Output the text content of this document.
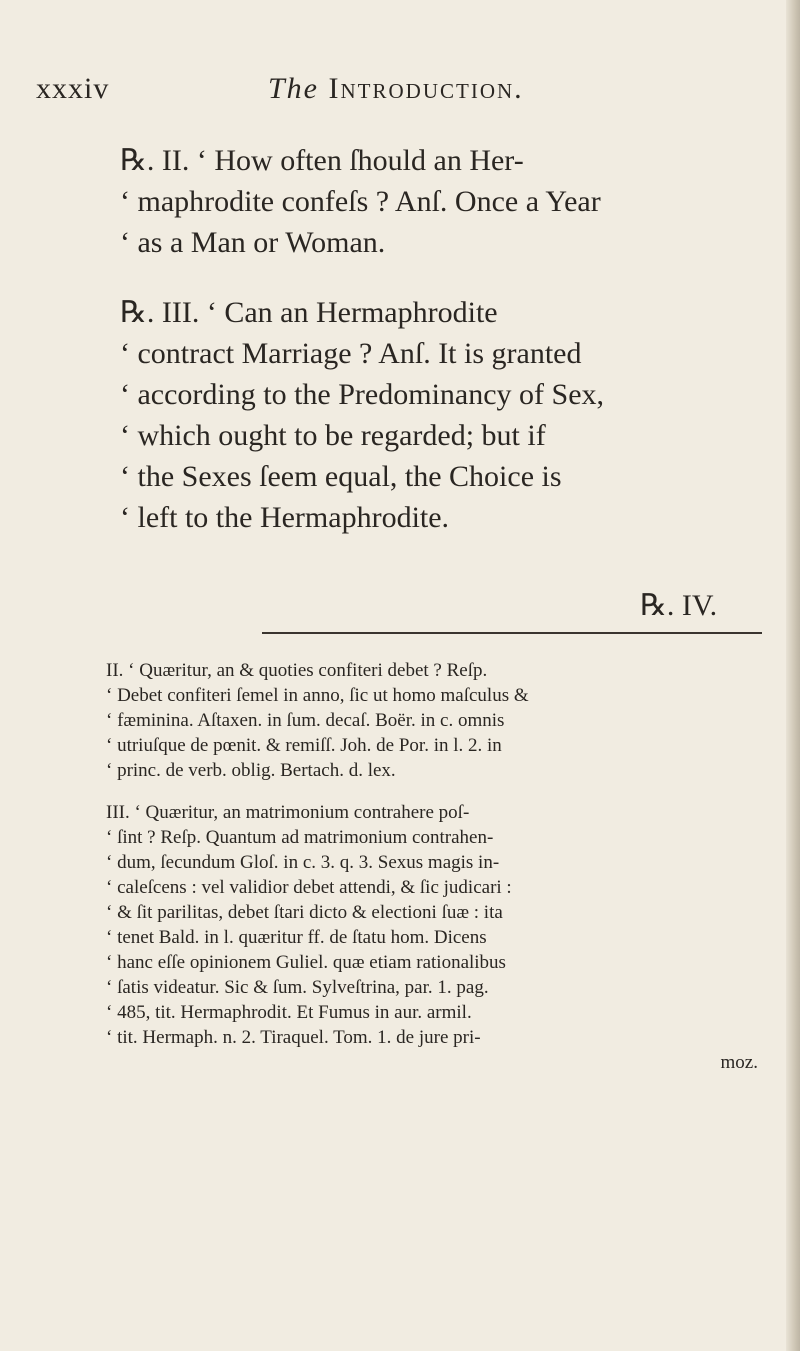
xxxiv	The Introduction.
℞. II. ‘ How often ſhould an Her-
‘ maphrodite confeſs ? Anſ. Once a Year
‘ as a Man or Woman.
℞. III. ‘ Can an Hermaphrodite
‘ contract Marriage ? Anſ. It is granted
‘ according to the Predominancy of Sex,
‘ which ought to be regarded; but if
‘ the Sexes ſeem equal, the Choice is
‘ left to the Hermaphrodite.
℞. IV.
II. ‘ Quæritur, an & quoties confiteri debet ? Reſp.
‘ Debet confiteri ſemel in anno, ſic ut homo maſculus &
‘ fæminina. Aſtaxen. in ſum. decaſ. Boër. in c. omnis
‘ utriuſque de pœnit. & remiſſ. Joh. de Por. in l. 2. in
‘ princ. de verb. oblig. Bertach. d. lex.
III. ‘ Quæritur, an matrimonium contrahere poſ-
‘ ſint ? Reſp. Quantum ad matrimonium contrahen-
‘ dum, ſecundum Gloſ. in c. 3. q. 3. Sexus magis in-
‘ caleſcens : vel validior debet attendi, & ſic judicari :
‘ & ſit parilitas, debet ſtari dicto & electioni ſuæ : ita
‘ tenet Bald. in l. quæritur ff. de ſtatu hom. Dicens
‘ hanc eſſe opinionem Guliel. quæ etiam rationalibus
‘ ſatis videatur. Sic & ſum. Sylveſtrina, par. 1. pag.
‘ 485, tit. Hermaphrodit. Et Fumus in aur. armil.
‘ tit. Hermaph. n. 2. Tiraquel. Tom. 1. de jure pri-
moz.
